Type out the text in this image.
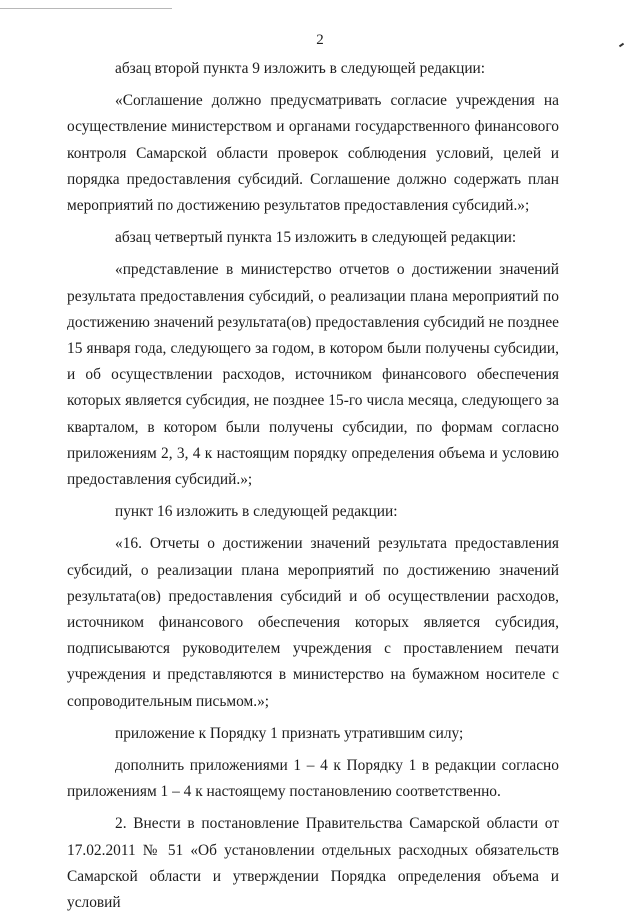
2

абзац второй пункта 9 изложить в следующей редакции:

«Соглашение должно предусматривать согласие учреждения на осуществление министерством и органами государственного финансового контроля Самарской области проверок соблюдения условий, целей и порядка предоставления субсидий. Соглашение должно содержать план мероприятий по достижению результатов предоставления субсидий.»;

абзац четвертый пункта 15 изложить в следующей редакции:

«представление в министерство отчетов о достижении значений результата предоставления субсидий, о реализации плана мероприятий по достижению значений результата(ов) предоставления субсидий не позднее 15 января года, следующего за годом, в котором были получены субсидии, и об осуществлении расходов, источником финансового обеспечения которых является субсидия, не позднее 15-го числа месяца, следующего за кварталом, в котором были получены субсидии, по формам согласно приложениям 2, 3, 4 к настоящим порядку определения объема и условию предоставления субсидий.»;

пункт 16 изложить в следующей редакции:

«16. Отчеты о достижении значений результата предоставления субсидий, о реализации плана мероприятий по достижению значений результата(ов) предоставления субсидий и об осуществлении расходов, источником финансового обеспечения которых является субсидия, подписываются руководителем учреждения с проставлением печати учреждения и представляются в министерство на бумажном носителе с сопроводительным письмом.»;

приложение к Порядку 1 признать утратившим силу;

дополнить приложениями 1 – 4 к Порядку 1 в редакции согласно приложениям 1 – 4 к настоящему постановлению соответственно.

2. Внести в постановление Правительства Самарской области от 17.02.2011 № 51 «Об установлении отдельных расходных обязательств Самарской области и утверждении Порядка определения объема и условий
